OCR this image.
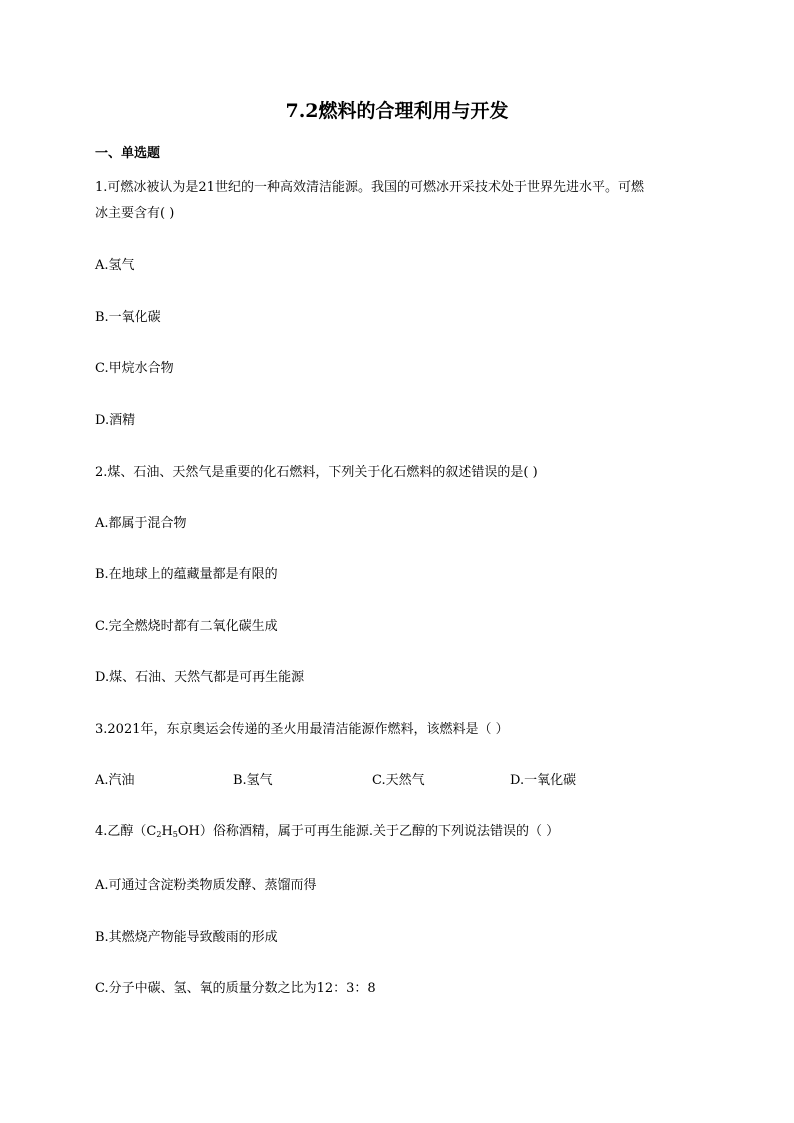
7.2燃料的合理利用与开发
一、单选题
1.可燃冰被认为是21世纪的一种高效清洁能源。我国的可燃冰开采技术处于世界先进水平。可燃
冰主要含有( )
A.氢气
B.一氧化碳
C.甲烷水合物
D.酒精
2.煤、石油、天然气是重要的化石燃料，下列关于化石燃料的叙述错误的是( )
A.都属于混合物
B.在地球上的蕴藏量都是有限的
C.完全燃烧时都有二氧化碳生成
D.煤、石油、天然气都是可再生能源
3.2021年，东京奥运会传递的圣火用最清洁能源作燃料，该燃料是（ ）
A.汽油	B.氢气	C.天然气	D.一氧化碳
4.乙醇$(C_2H_5OH)$俗称酒精，属于可再生能源.关于乙醇的下列说法错误的（ ）
A.可通过含淀粉类物质发酵、蒸馏而得
B.其燃烧产物能导致酸雨的形成
C.分子中碳、氢、氧的质量分数之比为12：3：8
